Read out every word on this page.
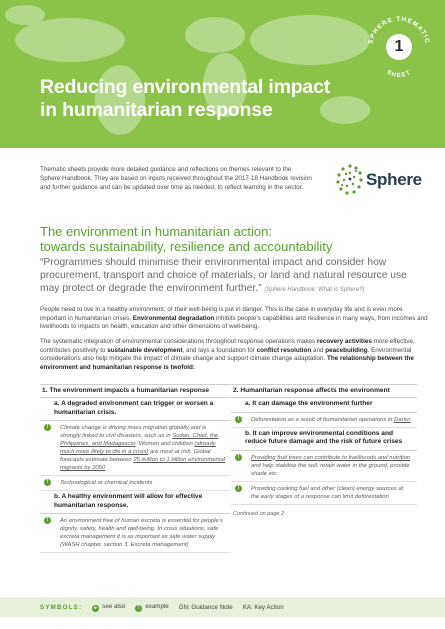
Reducing environmental impact
in humanitarian response
SPHERE THEMATIC
SHEET
1
Thematic sheets provide more detailed guidance and reflections on themes relevant to the Sphere Handbook. They are based on inputs received throughout the 2017-18 Handbook revision and further guidance and can be updated over time as needed, to reflect learning in the sector.	Sphere
The environment in humanitarian action:
towards sustainability, resilience and accountability
“Programmes should minimise their environmental impact and consider how procurement, transport and choice of materials, or land and natural resource use may protect or degrade the environment further.” (Sphere Handbook: What is Sphere?)
People need to live in a healthy environment, or their well-being is put in danger. This is the case in everyday life and is even more important in humanitarian crises. Environmental degradation inhibits people’s capabilities and resilience in many ways, from incomes and livelihoods to impacts on health, education and other dimensions of well-being.
The systematic integration of environmental considerations throughout response operations makes recovery activities more effective, contributes positively to sustainable development, and lays a foundation for conflict resolution and peacebuilding. Environmental considerations also help mitigate the impact of climate change and support climate change adaptation. The relationship between the environment and humanitarian response is twofold:
1. The environment impacts a humanitarian response
a. A degraded environment can trigger or worsen a humanitarian crisis.
!	Climate change is driving mass migration globally and is strongly linked to civil disasters, such as in Sudan, Chad, the Philippines, and Madagascar. Women and children (already much more likely to die in a crisis) are most at risk. Global forecasts estimate between 25 million to 1 billion environmental migrants by 2050
!	Technological or chemical incidents
b. A healthy environment will allow for effective humanitarian response.
!	An environment free of human excreta is essential for people’s dignity, safety, health and well-being. In crisis situations, safe excreta management it is as important as safe water supply (WASH chapter, section 3, Excreta management)
2. Humanitarian response affects the environment
a. It can damage the environment further
!	Deforestation as a result of humanitarian operations in Darfur
b. It can improve environmental conditions and reduce future damage and the risk of future crises
!	Providing fruit trees can contribute to livelihoods and nutrition and help stabilise the soil, retain water in the ground, provide shade etc.
!	Providing cooking fuel and other (clean) energy sources at the early stages of a response can limit deforestation
Continued on page 2
SYMBOLS:	▸ see also	! example GN: Guidance Note KA: Key Action
